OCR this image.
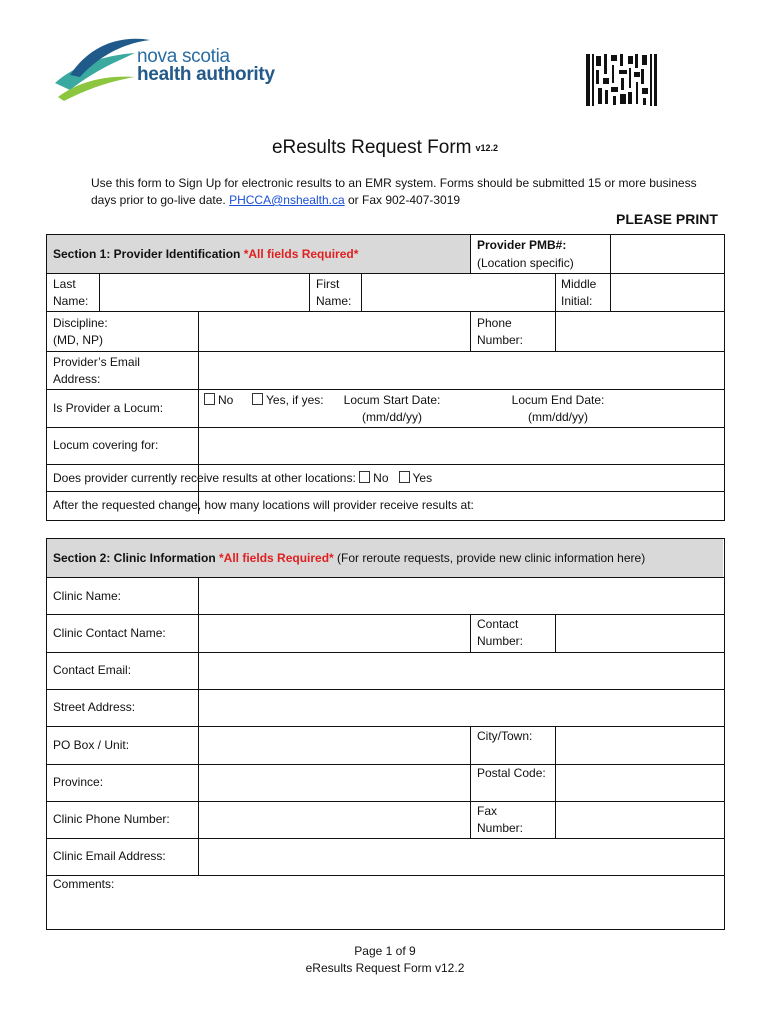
nova scotia
health authority
eResults Request Form v12.2
Use this form to Sign Up for electronic results to an EMR system. Forms should be submitted 15 or more business days prior to go-live date. PHCCA@nshealth.ca or Fax 902-407-3019
PLEASE PRINT
Section 1: Provider Identification *All fields Required*
Provider PMB#:
(Location specific)
Last
Name:
First
Name:
Middle
Initial:
Discipline:
(MD, NP)
Phone
Number:
Provider’s Email
Address:
Is Provider a Locum:
No	Yes, if yes:	Locum Start Date:
(mm/dd/yy)
Locum End Date:
(mm/dd/yy)
Locum covering for:
Does provider currently receive results at other locations: No Yes
After the requested change, how many locations will provider receive results at:
Section 2: Clinic Information *All fields Required* (For reroute requests, provide new clinic information here)
Clinic Name:
Clinic Contact Name:
Contact
Number:
Contact Email:
Street Address:
PO Box / Unit:
City/Town:
Province:
Postal Code:
Clinic Phone Number:
Fax
Number:
Clinic Email Address:
Comments:
Page 1 of 9
eResults Request Form v12.2
